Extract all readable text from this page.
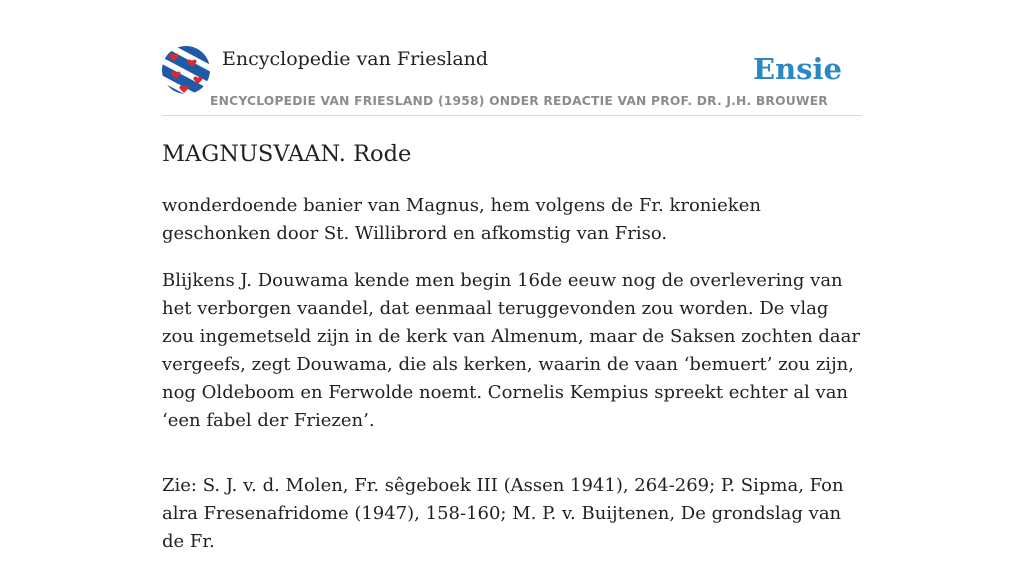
Encyclopedie van Friesland	Ensie
ENCYCLOPEDIE VAN FRIESLAND (1958) ONDER REDACTIE VAN PROF. DR. J.H. BROUWER
MAGNUSVAAN. Rode

wonderdoende banier van Magnus, hem volgens de Fr. kronieken geschonken door St. Willibrord en afkomstig van Friso.

Blijkens J. Douwama kende men begin 16de eeuw nog de overlevering van het verborgen vaandel, dat eenmaal teruggevonden zou worden. De vlag zou ingemetseld zijn in de kerk van Almenum, maar de Saksen zochten daar vergeefs, zegt Douwama, die als kerken, waarin de vaan ‘bemuert’ zou zijn, nog Oldeboom en Ferwolde noemt. Cornelis Kempius spreekt echter al van ‘een fabel der Friezen’.

Zie: S. J. v. d. Molen, Fr. sêgeboek III (Assen 1941), 264-269; P. Sipma, Fon alra Fresenafridome (1947), 158-160; M. P. v. Buijtenen, De grondslag van de Fr.
